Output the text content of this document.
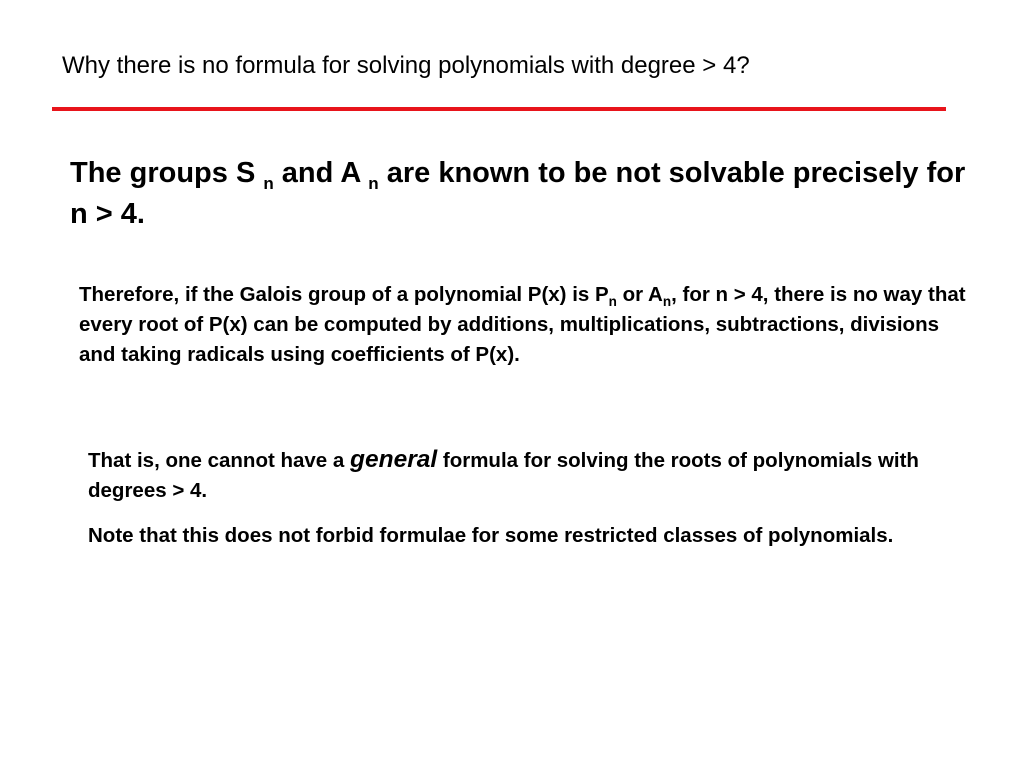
Why there is no formula for solving polynomials with degree > 4?
The groups S $_n$ and A $_n$ are known to be not solvable precisely for n > 4.
Therefore, if the Galois group of a polynomial P(x) is $P_n$ or $A_n$, for n > 4, there is no way that every root of P(x) can be computed by additions, multiplications, subtractions, divisions and taking radicals using coefficients of P(x).
That is, one cannot have a general formula for solving the roots of polynomials with degrees > 4.
Note that this does not forbid formulae for some restricted classes of polynomials.
